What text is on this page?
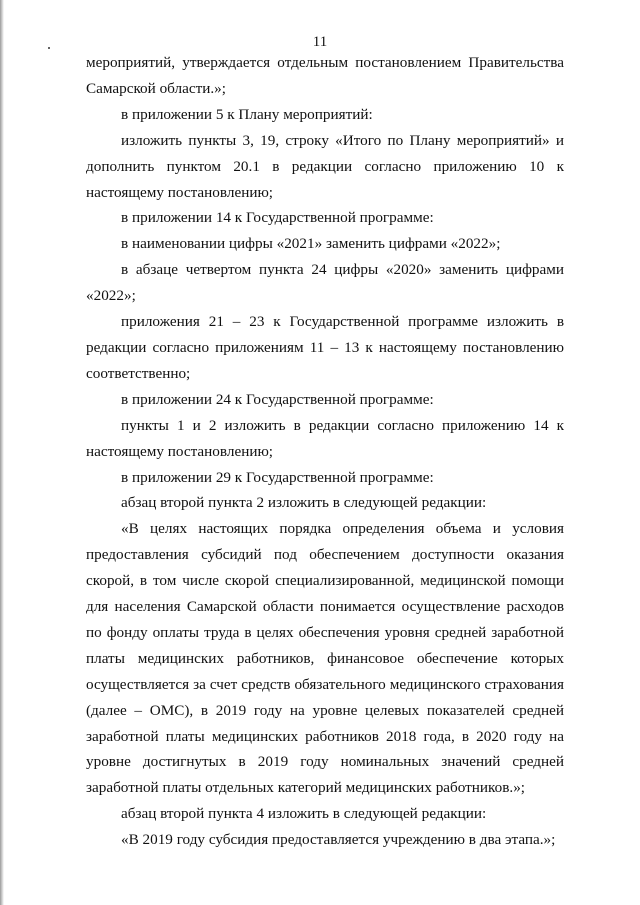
11

мероприятий, утверждается отдельным постановлением Правительства Самарской области.»;

в приложении 5 к Плану мероприятий:

изложить пункты 3, 19, строку «Итого по Плану мероприятий» и дополнить пунктом 20.1 в редакции согласно приложению 10 к настоящему постановлению;

в приложении 14 к Государственной программе:

в наименовании цифры «2021» заменить цифрами «2022»;

в абзаце четвертом пункта 24 цифры «2020» заменить цифрами «2022»;

приложения 21 – 23 к Государственной программе изложить в редакции согласно приложениям 11 – 13 к настоящему постановлению соответственно;

в приложении 24 к Государственной программе:

пункты 1 и 2 изложить в редакции согласно приложению 14 к настоящему постановлению;

в приложении 29 к Государственной программе:

абзац второй пункта 2 изложить в следующей редакции:

«В целях настоящих порядка определения объема и условия предоставления субсидий под обеспечением доступности оказания скорой, в том числе скорой специализированной, медицинской помощи для населения Самарской области понимается осуществление расходов по фонду оплаты труда в целях обеспечения уровня средней заработной платы медицинских работников, финансовое обеспечение которых осуществляется за счет средств обязательного медицинского страхования (далее – ОМС), в 2019 году на уровне целевых показателей средней заработной платы медицинских работников 2018 года, в 2020 году на уровне достигнутых в 2019 году номинальных значений средней заработной платы отдельных категорий медицинских работников.»;

абзац второй пункта 4 изложить в следующей редакции:

«В 2019 году субсидия предоставляется учреждению в два этапа.»;
